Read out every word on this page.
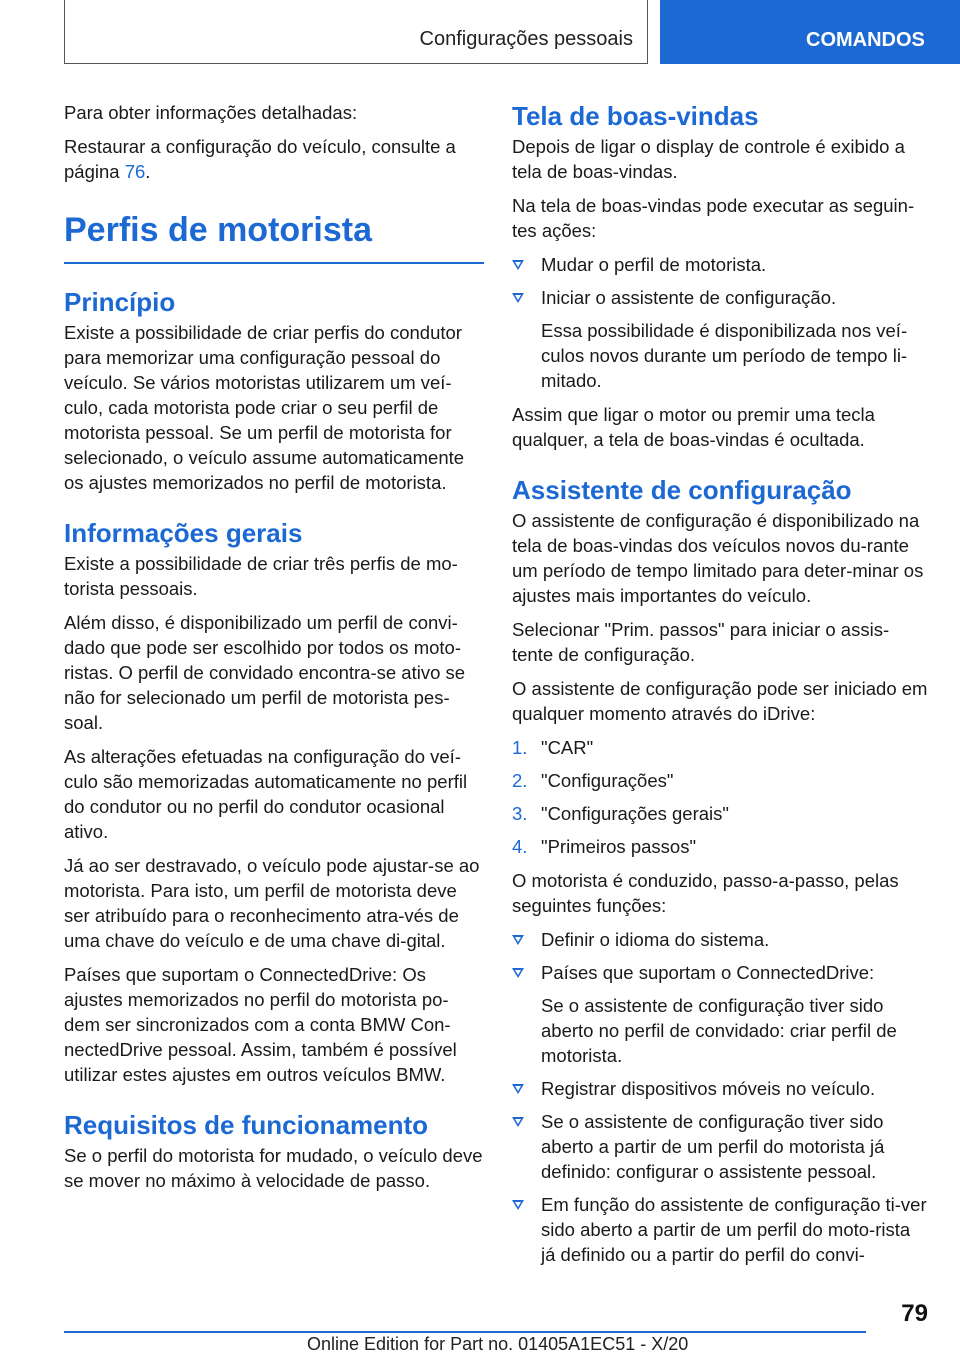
Configurações pessoais	COMANDOS

Para obter informações detalhadas:

Restaurar a configuração do veículo, consulte a página 76.

Perfis de motorista
Princípio

Existe a possibilidade de criar perfis do condutor para memorizar uma configuração pessoal do veículo. Se vários motoristas utilizarem um veí-culo, cada motorista pode criar o seu perfil de motorista pessoal. Se um perfil de motorista for selecionado, o veículo assume automaticamente os ajustes memorizados no perfil de motorista.

Informações gerais

Existe a possibilidade de criar três perfis de mo-torista pessoais.

Além disso, é disponibilizado um perfil de convi-dado que pode ser escolhido por todos os moto-ristas. O perfil de convidado encontra-se ativo se não for selecionado um perfil de motorista pes-soal.

As alterações efetuadas na configuração do veí-culo são memorizadas automaticamente no perfil do condutor ou no perfil do condutor ocasional ativo.

Já ao ser destravado, o veículo pode ajustar-se ao motorista. Para isto, um perfil de motorista deve ser atribuído para o reconhecimento atra-vés de uma chave do veículo e de uma chave di-gital.

Países que suportam o ConnectedDrive: Os ajustes memorizados no perfil do motorista po-dem ser sincronizados com a conta BMW Con-nectedDrive pessoal. Assim, também é possível utilizar estes ajustes em outros veículos BMW.

Requisitos de funcionamento

Se o perfil do motorista for mudado, o veículo deve se mover no máximo à velocidade de passo.

Tela de boas-vindas

Depois de ligar o display de controle é exibido a tela de boas-vindas.

Na tela de boas-vindas pode executar as seguin-tes ações:

Mudar o perfil de motorista.
Iniciar o assistente de configuração.
Essa possibilidade é disponibilizada nos veí-culos novos durante um período de tempo li-mitado.

Assim que ligar o motor ou premir uma tecla qualquer, a tela de boas-vindas é ocultada.

Assistente de configuração

O assistente de configuração é disponibilizado na tela de boas-vindas dos veículos novos du-rante um período de tempo limitado para deter-minar os ajustes mais importantes do veículo.

Selecionar "Prim. passos" para iniciar o assis-tente de configuração.

O assistente de configuração pode ser iniciado em qualquer momento através do iDrive:

1. "CAR"
2. "Configurações"
3. "Configurações gerais"
4. "Primeiros passos"

O motorista é conduzido, passo-a-passo, pelas seguintes funções:

Definir o idioma do sistema.
Países que suportam o ConnectedDrive:
Se o assistente de configuração tiver sido aberto no perfil de convidado: criar perfil de motorista.
Registrar dispositivos móveis no veículo.
Se o assistente de configuração tiver sido aberto a partir de um perfil do motorista já definido: configurar o assistente pessoal.
Em função do assistente de configuração ti-ver sido aberto a partir de um perfil do moto-rista já definido ou a partir do perfil do convi-
79
Online Edition for Part no. 01405A1EC51 - X/20
